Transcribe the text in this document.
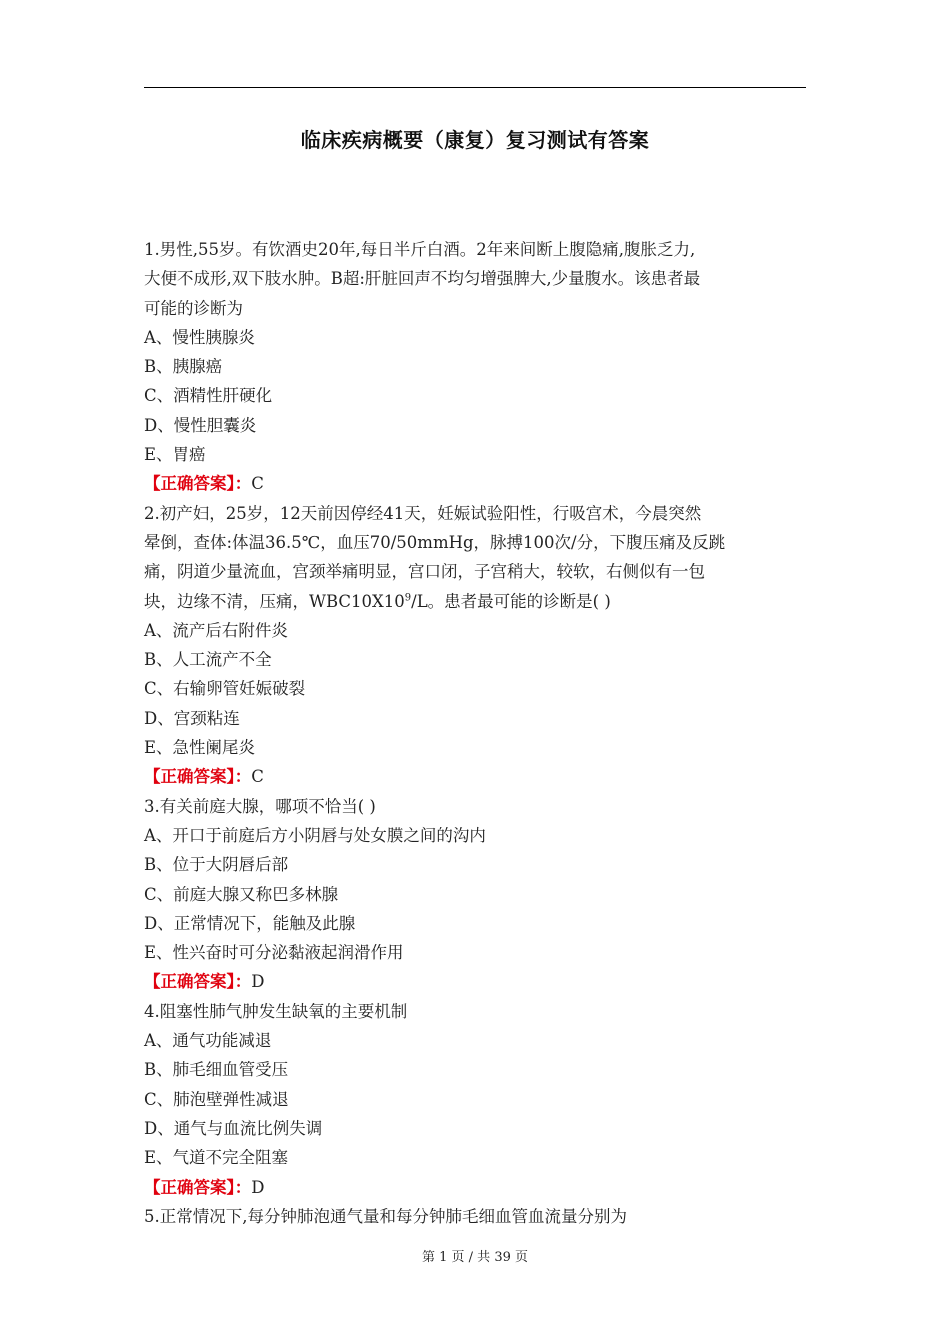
临床疾病概要（康复）复习测试有答案
1.男性,55岁。有饮酒史20年,每日半斤白酒。2年来间断上腹隐痛,腹胀乏力,
大便不成形,双下肢水肿。B超:肝脏回声不均匀增强脾大,少量腹水。该患者最
可能的诊断为
A、慢性胰腺炎
B、胰腺癌
C、酒精性肝硬化
D、慢性胆囊炎
E、胃癌
【正确答案】：C
2.初产妇，25岁，12天前因停经41天，妊娠试验阳性，行吸宫术，今晨突然
晕倒，查体:体温36.5℃，血压70/50mmHg，脉搏100次/分，下腹压痛及反跳
痛，阴道少量流血，宫颈举痛明显，宫口闭，子宫稍大，较软，右侧似有一包
块，边缘不清，压痛，$WBC10X10^9/L$。患者最可能的诊断是( )
A、流产后右附件炎
B、人工流产不全
C、右输卵管妊娠破裂
D、宫颈粘连
E、急性阑尾炎
【正确答案】：C
3.有关前庭大腺，哪项不恰当( )
A、开口于前庭后方小阴唇与处女膜之间的沟内
B、位于大阴唇后部
C、前庭大腺又称巴多林腺
D、正常情况下，能触及此腺
E、性兴奋时可分泌黏液起润滑作用
【正确答案】：D
4.阻塞性肺气肿发生缺氧的主要机制
A、通气功能减退
B、肺毛细血管受压
C、肺泡壁弹性减退
D、通气与血流比例失调
E、气道不完全阻塞
【正确答案】：D
5.正常情况下,每分钟肺泡通气量和每分钟肺毛细血管血流量分别为
第 1 页 / 共 39 页
